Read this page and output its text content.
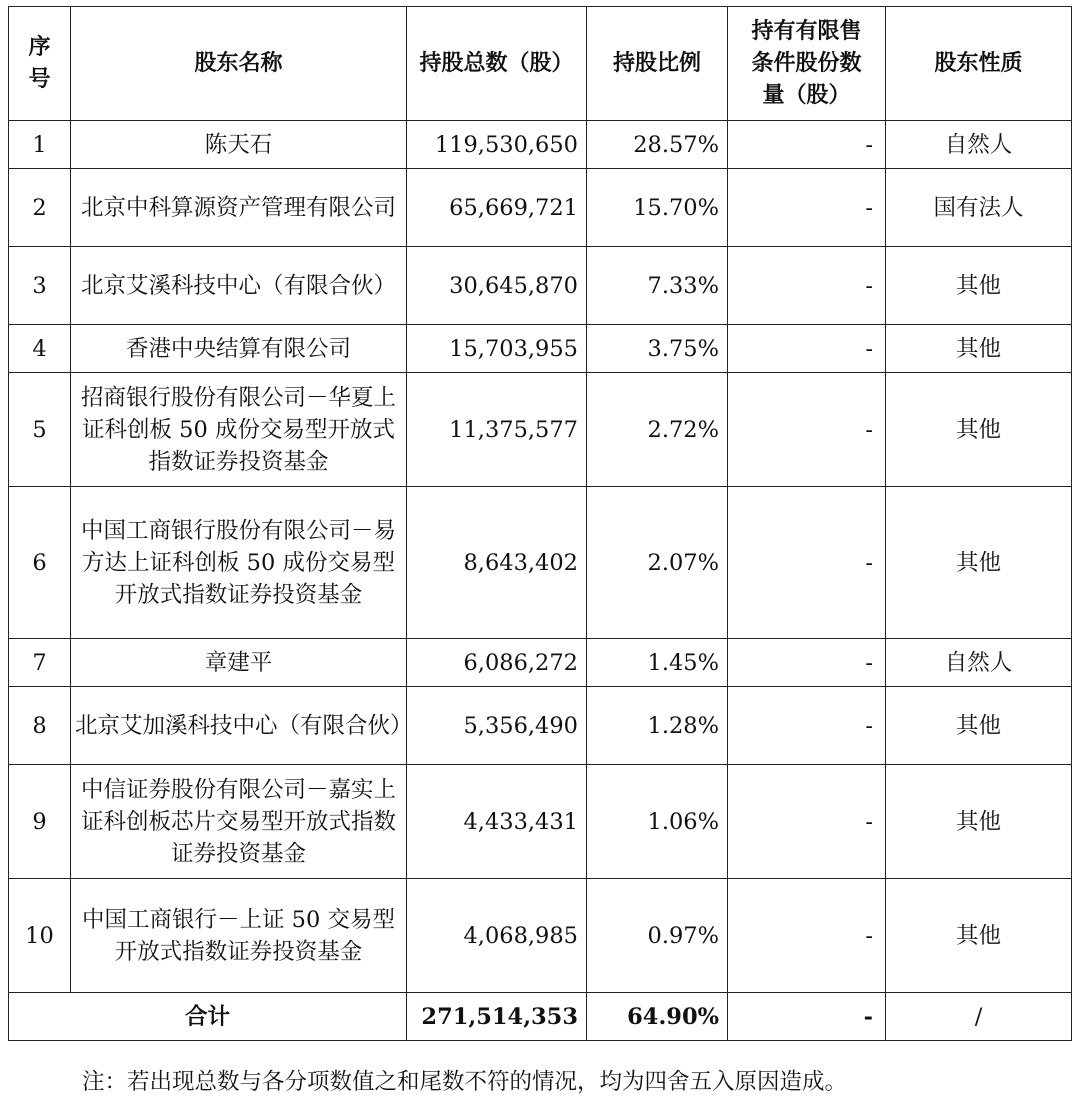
序号	股东名称	持股总数（股）	持股比例	持有有限售条件股份数量（股）	股东性质
1	陈天石	119,530,650	28.57%	-	自然人
2	北京中科算源资产管理有限公司	65,669,721	15.70%	-	国有法人
3	北京艾溪科技中心（有限合伙）	30,645,870	7.33%	-	其他
4	香港中央结算有限公司	15,703,955	3.75%	-	其他
5	招商银行股份有限公司－华夏上证科创板 50 成份交易型开放式指数证券投资基金	11,375,577	2.72%	-	其他
6	中国工商银行股份有限公司－易方达上证科创板 50 成份交易型开放式指数证券投资基金	8,643,402	2.07%	-	其他
7	章建平	6,086,272	1.45%	-	自然人
8	北京艾加溪科技中心（有限合伙）	5,356,490	1.28%	-	其他
9	中信证券股份有限公司－嘉实上证科创板芯片交易型开放式指数证券投资基金	4,433,431	1.06%	-	其他
10	中国工商银行－上证 50 交易型开放式指数证券投资基金	4,068,985	0.97%	-	其他
合计		271,514,353	64.90%	-	/
注：若出现总数与各分项数值之和尾数不符的情况，均为四舍五入原因造成。
